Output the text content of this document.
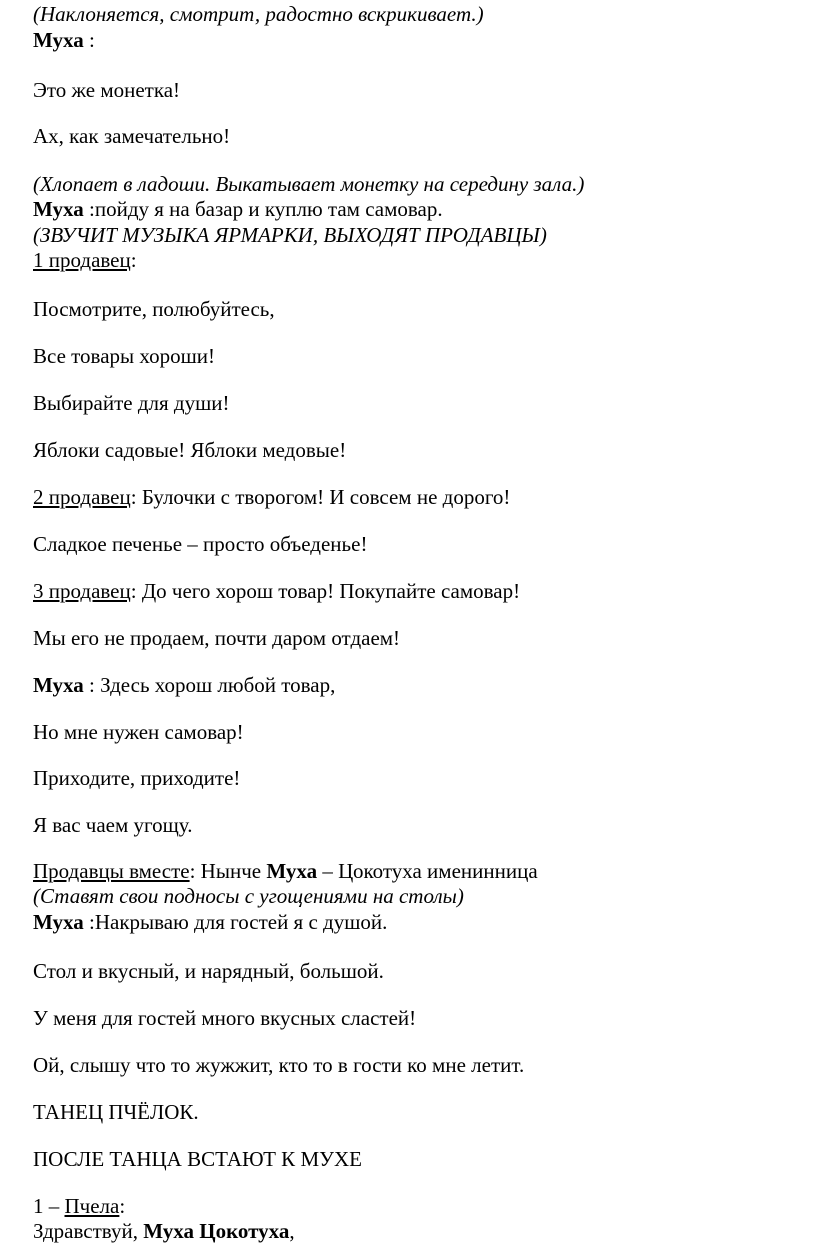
(Наклоняется, смотрит, радостно вскрикивает.)
Муха :
Это же монетка!
Ах, как замечательно!
(Хлопает в ладоши. Выкатывает монетку на середину зала.)
Муха :пойду я на базар и куплю там самовар.
(ЗВУЧИТ МУЗЫКА ЯРМАРКИ, ВЫХОДЯТ ПРОДАВЦЫ)
1 продавец:
Посмотрите, полюбуйтесь,
Все товары хороши!
Выбирайте для души!
Яблоки садовые! Яблоки медовые!
2 продавец: Булочки с творогом! И совсем не дорого!
Сладкое печенье – просто объеденье!
3 продавец: До чего хорош товар! Покупайте самовар!
Мы его не продаем, почти даром отдаем!
Муха : Здесь хорош любой товар,
Но мне нужен самовар!
Приходите, приходите!
Я вас чаем угощу.
Продавцы вместе: Нынче Муха – Цокотуха именинница
(Ставят свои подносы с угощениями на столы)
Муха :Накрываю для гостей я с душой.
Стол и вкусный, и нарядный, большой.
У меня для гостей много вкусных сластей!
Ой, слышу что то жужжит, кто то в гости ко мне летит.
ТАНЕЦ ПЧЁЛОК.
ПОСЛЕ ТАНЦА ВСТАЮТ К МУХЕ
1 – Пчела:
Здравствуй, Муха Цокотуха,
